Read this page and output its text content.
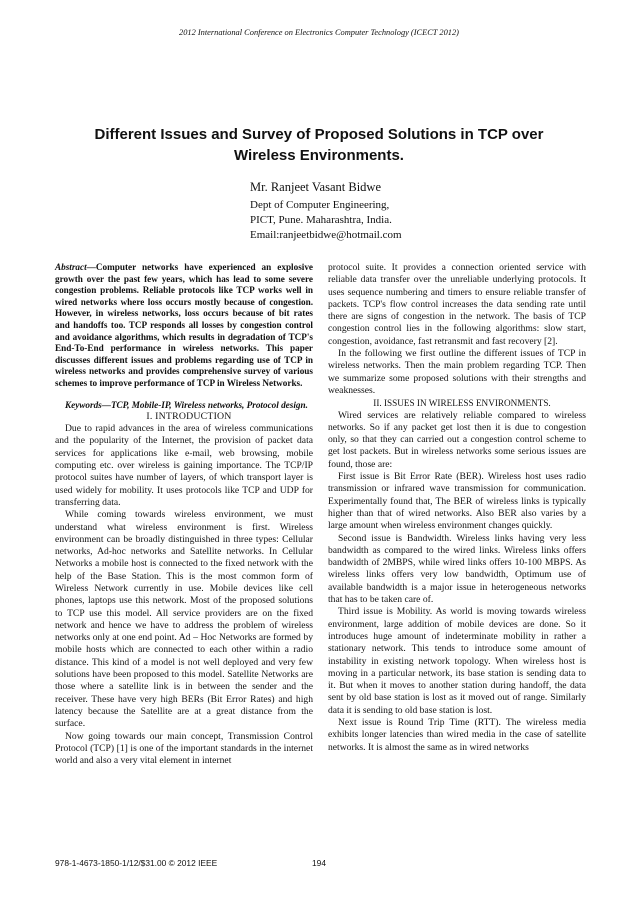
2012 International Conference on Electronics Computer Technology (ICECT 2012)
Different Issues and Survey of Proposed Solutions in TCP over Wireless Environments.
Mr. Ranjeet Vasant Bidwe
Dept of Computer Engineering,
PICT, Pune. Maharashtra, India.
Email:ranjeetbidwe@hotmail.com

Abstract—Computer networks have experienced an explosive growth over the past few years, which has lead to some severe congestion problems. Reliable protocols like TCP works well in wired networks where loss occurs mostly because of congestion. However, in wireless networks, loss occurs because of bit rates and handoffs too. TCP responds all losses by congestion control and avoidance algorithms, which results in degradation of TCP's End-To-End performance in wireless networks. This paper discusses different issues and problems regarding use of TCP in wireless networks and provides comprehensive survey of various schemes to improve performance of TCP in Wireless Networks.

Keywords—TCP, Mobile-IP, Wireless networks, Protocol design.

I. INTRODUCTION

Due to rapid advances in the area of wireless communications and the popularity of the Internet, the provision of packet data services for applications like e-mail, web browsing, mobile computing etc. over wireless is gaining importance. The TCP/IP protocol suites have number of layers, of which transport layer is used widely for mobility. It uses protocols like TCP and UDP for transferring data.

While coming towards wireless environment, we must understand what wireless environment is first. Wireless environment can be broadly distinguished in three types: Cellular networks, Ad-hoc networks and Satellite networks. In Cellular Networks a mobile host is connected to the fixed network with the help of the Base Station. This is the most common form of Wireless Network currently in use. Mobile devices like cell phones, laptops use this network. Most of the proposed solutions to TCP use this model. All service providers are on the fixed network and hence we have to address the problem of wireless networks only at one end point. Ad – Hoc Networks are formed by mobile hosts which are connected to each other within a radio distance. This kind of a model is not well deployed and very few solutions have been proposed to this model. Satellite Networks are those where a satellite link is in between the sender and the receiver. These have very high BERs (Bit Error Rates) and high latency because the Satellite are at a great distance from the surface.

Now going towards our main concept, Transmission Control Protocol (TCP) [1] is one of the important standards in the internet world and also a very vital element in internet

protocol suite. It provides a connection oriented service with reliable data transfer over the unreliable underlying protocols. It uses sequence numbering and timers to ensure reliable transfer of packets. TCP's flow control increases the data sending rate until there are signs of congestion in the network. The basis of TCP congestion control lies in the following algorithms: slow start, congestion, avoidance, fast retransmit and fast recovery [2].

In the following we first outline the different issues of TCP in wireless networks. Then the main problem regarding TCP. Then we summarize some proposed solutions with their strengths and weaknesses.

II. ISSUES IN WIRELESS ENVIRONMENTS.

Wired services are relatively reliable compared to wireless networks. So if any packet get lost then it is due to congestion only, so that they can carried out a congestion control scheme to get lost packets. But in wireless networks some serious issues are found, those are:

First issue is Bit Error Rate (BER). Wireless host uses radio transmission or infrared wave transmission for communication. Experimentally found that, The BER of wireless links is typically higher than that of wired networks. Also BER also varies by a large amount when wireless environment changes quickly.

Second issue is Bandwidth. Wireless links having very less bandwidth as compared to the wired links. Wireless links offers bandwidth of 2MBPS, while wired links offers 10-100 MBPS. As wireless links offers very low bandwidth, Optimum use of available bandwidth is a major issue in heterogeneous networks that has to be taken care of.

Third issue is Mobility. As world is moving towards wireless environment, large addition of mobile devices are done. So it introduces huge amount of indeterminate mobility in rather a stationary network. This tends to introduce some amount of instability in existing network topology. When wireless host is moving in a particular network, its base station is sending data to it. But when it moves to another station during handoff, the data sent by old base station is lost as it moved out of range. Similarly data it is sending to old base station is lost.

Next issue is Round Trip Time (RTT). The wireless media exhibits longer latencies than wired media in the case of satellite networks. It is almost the same as in wired networks

978-1-4673-1850-1/12/$31.00 © 2012 IEEE	194
